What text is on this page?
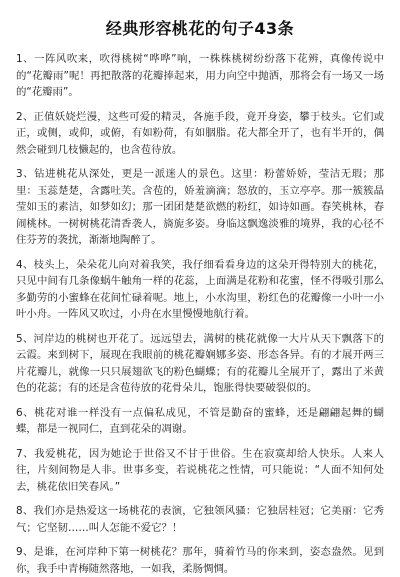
经典形容桃花的句子43条

1、一阵风吹来，吹得桃树“哗哗”响，一株株桃树纷纷落下花辨，真像传说中的“花瓣雨”呢！再把散落的花瓣捧起来，用力向空中抛洒，那将会有一场又一场的“花瓣雨”。

2、正值妖娆烂漫，这些可爱的精灵，各施手段，竟开身姿，攀于枝头。它们或正，或侧，或仰，或俯，有如粉荷，有如胭脂。花大都全开了，也有半开的，偶然会碰到几枝懒起的，也含苞待放。

3、钻进桃花从深处，更是一派迷人的景色。这里：粉蕾娇娇，莹洁无瑕；那里：玉蕊楚楚，含露吐芙。含苞的，娇羞滴滴；怒放的，玉立亭亭。那一簇簇晶莹如玉的素洁，如梦如幻；那一团团楚楚欲燃的粉红，如诗如画。春笑桃林，春闹桃林。一树树桃花清香袭人，旖旎多姿。身临这飘逸淡雅的境界，我的心径不住芬芳的袭扰，渐渐地陶醉了。

4、枝头上，朵朵花儿向对着我笑，我仔细看看身边的这朵开得特别大的桃花，只见中间有几条像蜗牛触角一样的花蕊，上面满是花粉和花蜜，怪不得吸引那么多勤劳的小蜜蜂在花间忙碌着呢。地上，小水沟里，粉红色的花瓣像一小叶一小叶小舟。一阵风又吹过，小舟在水里慢慢地航行着。

5、河岸边的桃树也开花了。远远望去，满树的桃花就像一大片从天下飘落下的云霞。来到树下，展现在我眼前的桃花瓣娴娜多姿、形态各异。有的才展开两三片花瓣儿，就像一只只展翅欲飞的粉色蝴蝶；有的花瓣儿全展开了，露出了米黄色的花蕊；有的还是含苞待放的花骨朵儿，饱胀得快要破裂似的。

6、桃花对谁一样没有一点偏私成见，不管是勤奋的蜜蜂，还是翩翩起舞的蝴蝶，都是一视同仁，直到花朵的凋谢。

7、我爱桃花，因为她论于世俗又不甘于世俗。生在寂寞却给人快乐。人来人往，片刻间物是人非。世事多变，若说桃花之性情，可只能说：“人面不知何处去，桃花依旧笑春风。”

8、我们亦是热爱这一场桃花的表演，它独领风骚：它独居桂冠；它美丽：它秀气；它坚韧……叫人怎能不爱它？！

9、是谁，在河岸种下第一树桃花？那年，骑着竹马的你来到，姿态盎然。见到你，我手中青梅随然落地，一如我，柔肠惆惆。
